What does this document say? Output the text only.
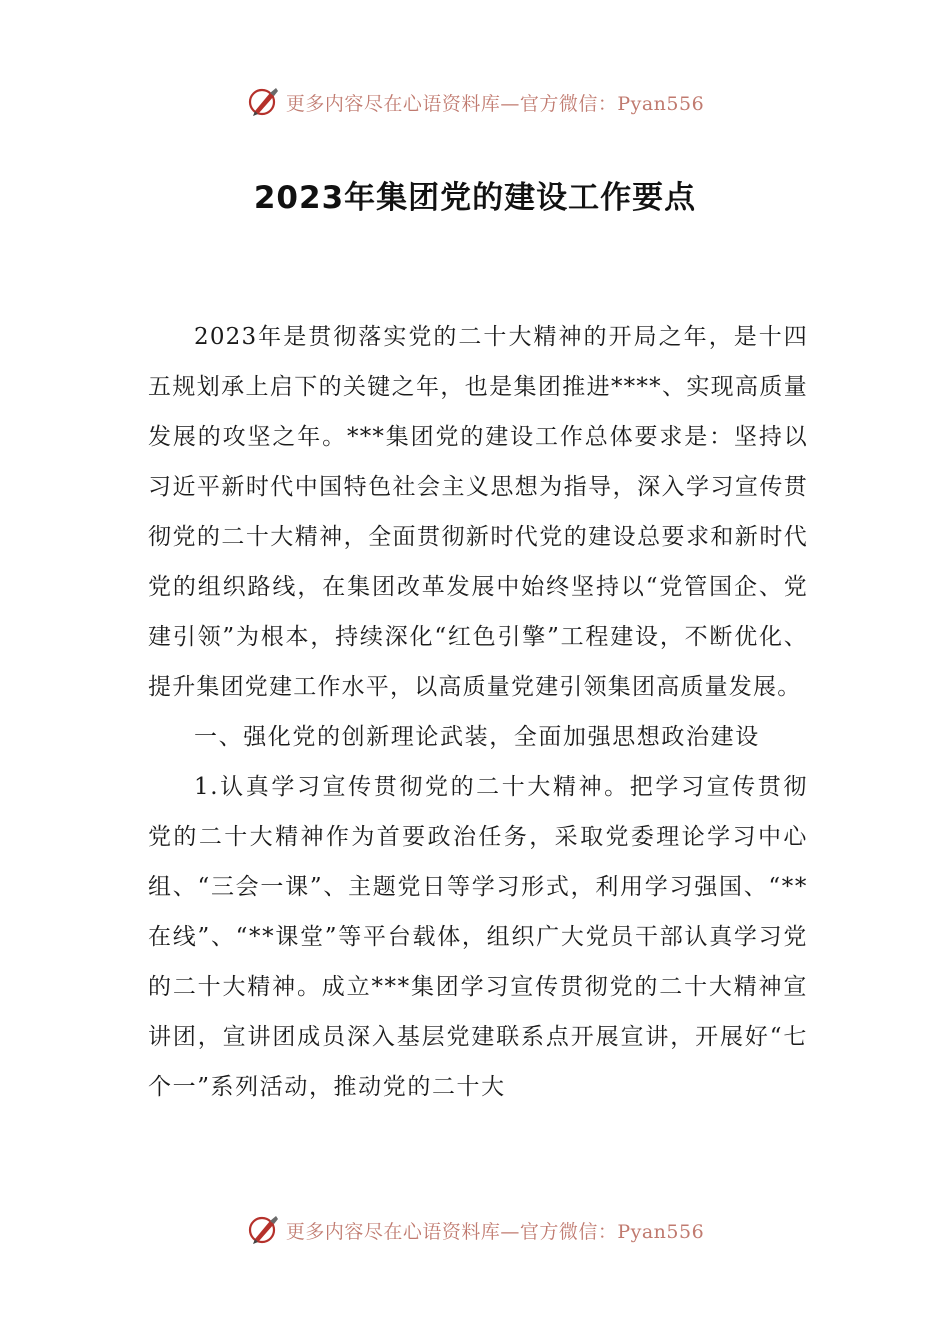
更多内容尽在心语资料库—官方微信：Pyan556
2023年集团党的建设工作要点

2023年是贯彻落实党的二十大精神的开局之年，是十四五规划承上启下的关键之年，也是集团推进****、实现高质量发展的攻坚之年。***集团党的建设工作总体要求是：坚持以习近平新时代中国特色社会主义思想为指导，深入学习宣传贯彻党的二十大精神，全面贯彻新时代党的建设总要求和新时代党的组织路线，在集团改革发展中始终坚持以“党管国企、党建引领”为根本，持续深化“红色引擎”工程建设，不断优化、提升集团党建工作水平，以高质量党建引领集团高质量发展。

一、强化党的创新理论武装，全面加强思想政治建设

1.认真学习宣传贯彻党的二十大精神。把学习宣传贯彻党的二十大精神作为首要政治任务，采取党委理论学习中心组、“三会一课”、主题党日等学习形式，利用学习强国、“**在线”、“**课堂”等平台载体，组织广大党员干部认真学习党的二十大精神。成立***集团学习宣传贯彻党的二十大精神宣讲团，宣讲团成员深入基层党建联系点开展宣讲，开展好“七个一”系列活动，推动党的二十大

更多内容尽在心语资料库—官方微信：Pyan556
